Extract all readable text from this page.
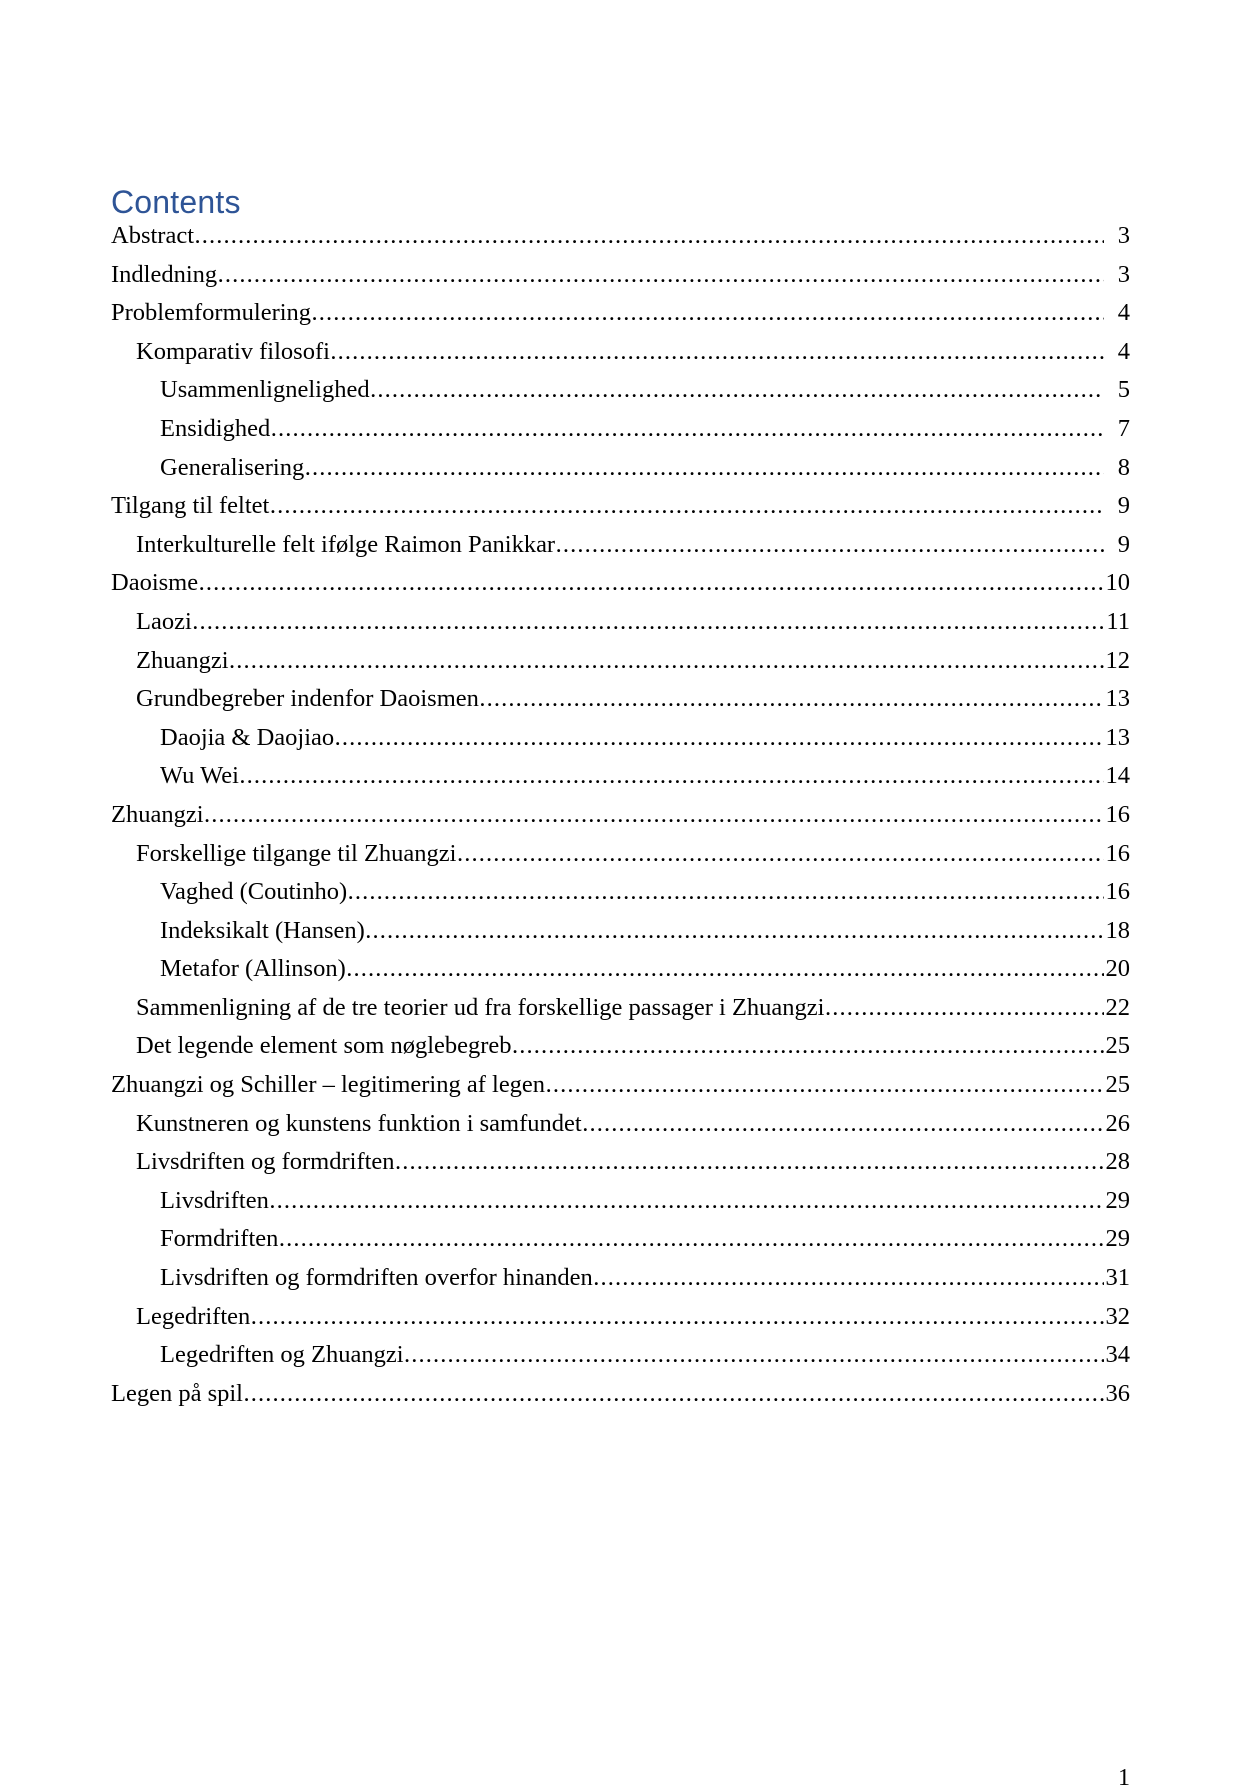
Contents
Abstract . . .	3
Indledning . . .	3
Problemformulering . . .	4
Komparativ filosofi . . .	4
Usammenlignelighed . . .	5
Ensidighed . . .	7
Generalisering . . .	8
Tilgang til feltet . . .	9
Interkulturelle felt ifølge Raimon Panikkar . . .	9
Daoisme . . .	10
Laozi . . .	11
Zhuangzi . . .	12
Grundbegreber indenfor Daoismen . . .	13
Daojia & Daojiao . . .	13
Wu Wei . . .	14
Zhuangzi . . .	16
Forskellige tilgange til Zhuangzi . . .	16
Vaghed (Coutinho) . . .	16
Indeksikalt (Hansen) . . .	18
Metafor (Allinson) . . .	20
Sammenligning af de tre teorier ud fra forskellige passager i Zhuangzi . . .	22
Det legende element som nøglebegreb . . .	25
Zhuangzi og Schiller – legitimering af legen . . .	25
Kunstneren og kunstens funktion i samfundet . . .	26
Livsdriften og formdriften . . .	28
Livsdriften . . .	29
Formdriften . . .	29
Livsdriften og formdriften overfor hinanden . . .	31
Legedriften . . .	32
Legedriften og Zhuangzi . . .	34
Legen på spil . . .	36
1
